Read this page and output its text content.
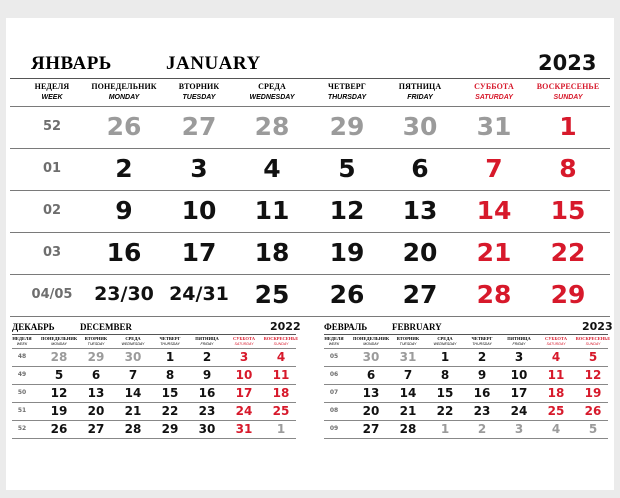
ЯНВАРЬ	JANUARY	2023
НЕДЕЛЯ
WEEK
ПОНЕДЕЛЬНИК
MONDAY
ВТОРНИК
TUESDAY
СРЕДА
WEDNESDAY
ЧЕТВЕРГ
THURSDAY
ПЯТНИЦА
FRIDAY
СУББОТА
SATURDAY
ВОСКРЕСЕНЬЕ
SUNDAY
52	26	27	28	29	30	31	1
01	2	3	4	5	6	7	8
02	9	10	11	12	13	14	15
03	16	17	18	19	20	21	22
04/05	23/30 24/31	25	26	27	28	29
ДЕКАБРЬ	DECEMBER	2022
НЕДЕЛЯ
WEEK
ПОНЕДЕЛЬНИК
MONDAY
ВТОРНИК
TUESDAY
СРЕДА
WEDNESDAY
ЧЕТВЕРГ
THURSDAY
ПЯТНИЦА
FRIDAY
СУББОТА
SATURDAY
ВОСКРЕСЕНЬЕ
SUNDAY
48	28	29	30	1	2	3	4
49	5	6	7	8	9	10	11
50	12	13	14	15	16	17	18
51	19	20	21	22	23	24	25
52	26	27	28	29	30	31	1
ФЕВРАЛЬ	FEBRUARY	2023
НЕДЕЛЯ
WEEK
ПОНЕДЕЛЬНИК
MONDAY
ВТОРНИК
TUESDAY
СРЕДА
WEDNESDAY
ЧЕТВЕРГ
THURSDAY
ПЯТНИЦА
FRIDAY
СУББОТА
SATURDAY
ВОСКРЕСЕНЬЕ
SUNDAY
05	30	31	1	2	3	4	5
06	6	7	8	9	10	11	12
07	13	14	15	16	17	18	19
08	20	21	22	23	24	25	26
09	27	28	1	2	3	4	5
